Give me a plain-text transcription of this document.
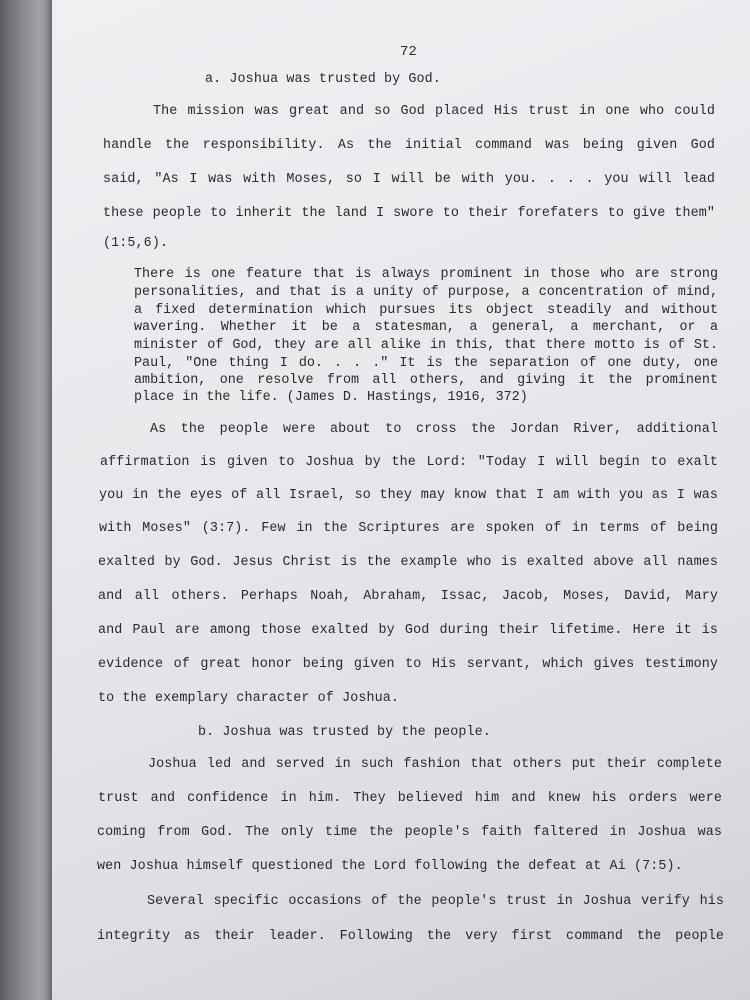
72
a. Joshua was trusted by God.
The mission was great and so God placed His trust in one who could
handle the responsibility. As the initial command was being given God
said, "As I was with Moses, so I will be with you. . . . you will lead
these people to inherit the land I swore to their forefaters to give them"
(1:5,6).
There is one feature that is always prominent in those who are strong
personalities, and that is a unity of purpose, a concentration of mind,
a fixed determination which pursues its object steadily and without
wavering. Whether it be a statesman, a general, a merchant, or a
minister of God, they are all alike in this, that there motto is of St.
Paul, "One thing I do. . . ." It is the separation of one duty, one
ambition, one resolve from all others, and giving it the prominent
place in the life. (James D. Hastings, 1916, 372)
As the people were about to cross the Jordan River, additional
affirmation is given to Joshua by the Lord: "Today I will begin to exalt
you in the eyes of all Israel, so they may know that I am with you as I was
with Moses" (3:7). Few in the Scriptures are spoken of in terms of being
exalted by God. Jesus Christ is the example who is exalted above all names
and all others. Perhaps Noah, Abraham, Issac, Jacob, Moses, David, Mary
and Paul are among those exalted by God during their lifetime. Here it is
evidence of great honor being given to His servant, which gives testimony
to the exemplary character of Joshua.
b. Joshua was trusted by the people.
Joshua led and served in such fashion that others put their complete
trust and confidence in him. They believed him and knew his orders were
coming from God. The only time the people's faith faltered in Joshua was
wen Joshua himself questioned the Lord following the defeat at Ai (7:5).
Several specific occasions of the people's trust in Joshua verify his
integrity as their leader. Following the very first command the people
